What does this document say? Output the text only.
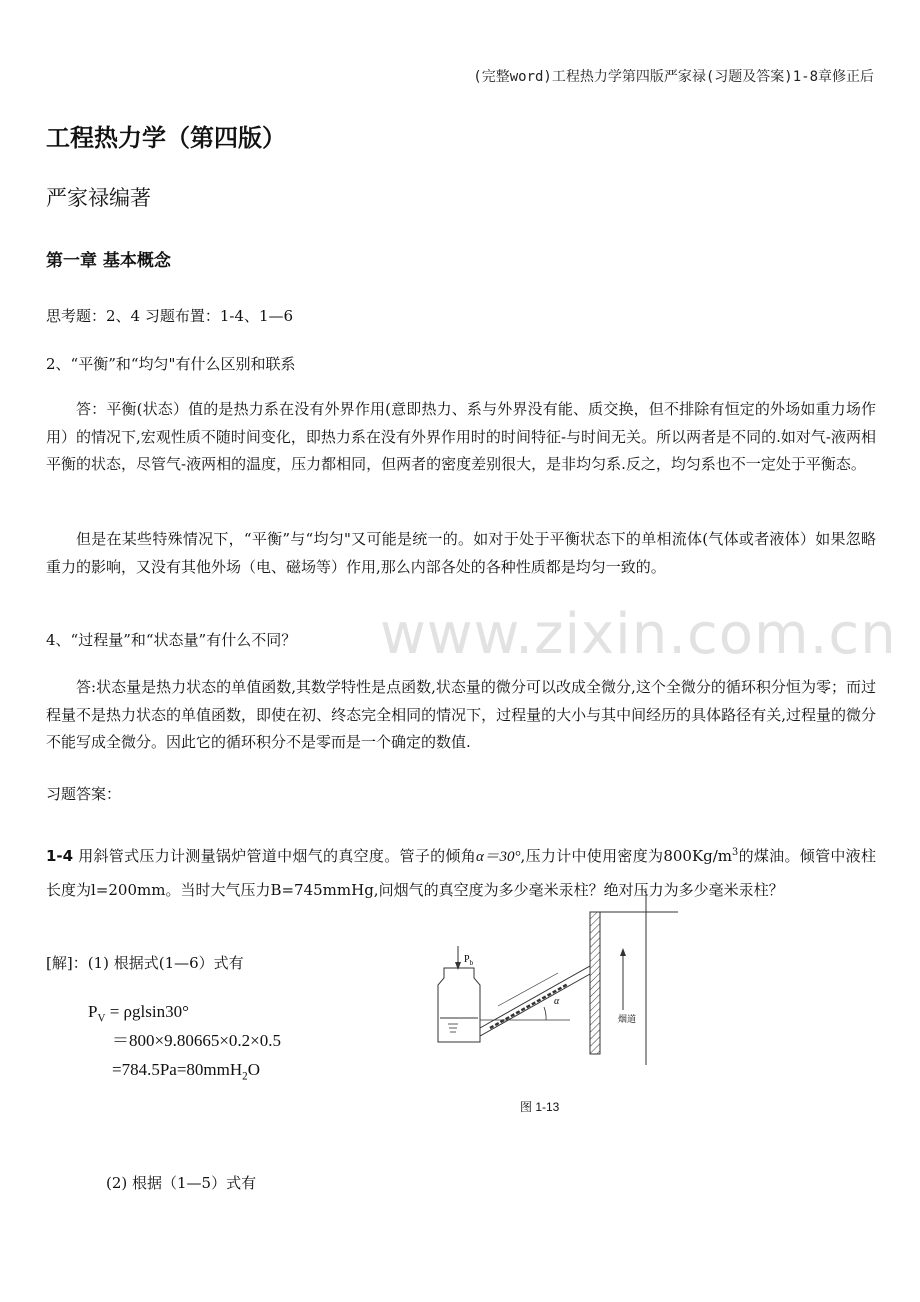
www.zixin.com.cn
(完整word)工程热力学第四版严家禄(习题及答案)1-8章修正后
工程热力学（第四版）
严家禄编著
第一章 基本概念
思考题：2、4 习题布置：1-4、1—6
2、“平衡”和“均匀"有什么区别和联系

答：平衡(状态）值的是热力系在没有外界作用(意即热力、系与外界没有能、质交换，但不排除有恒定的外场如重力场作用）的情况下,宏观性质不随时间变化，即热力系在没有外界作用时的时间特征-与时间无关。所以两者是不同的.如对气-液两相平衡的状态，尽管气-液两相的温度，压力都相同，但两者的密度差别很大，是非均匀系.反之，均匀系也不一定处于平衡态。

但是在某些特殊情况下，“平衡”与“均匀"又可能是统一的。如对于处于平衡状态下的单相流体(气体或者液体）如果忽略重力的影响，又没有其他外场（电、磁场等）作用,那么内部各处的各种性质都是均匀一致的。

4、“过程量”和“状态量”有什么不同？

答:状态量是热力状态的单值函数,其数学特性是点函数,状态量的微分可以改成全微分,这个全微分的循环积分恒为零；而过程量不是热力状态的单值函数，即使在初、终态完全相同的情况下，过程量的大小与其中间经历的具体路径有关,过程量的微分不能写成全微分。因此它的循环积分不是零而是一个确定的数值.

习题答案：

1-4 用斜管式压力计测量锅炉管道中烟气的真空度。管子的倾角α＝30°,压力计中使用密度为$800Kg/m^3$的煤油。倾管中液柱长度为l=200mm。当时大气压力B=745mmHg,问烟气的真空度为多少毫米汞柱？绝对压力为多少毫米汞柱？

[解]：(1) 根据式(1—6）式有
$P_V = \rho glsin30^\circ$
＝800×9.80665×0.2×0.5
=784.5Pa=80mmH$_2$O
烟道
$P_b$
α
图 1-13
(2) 根据（1—5）式有
